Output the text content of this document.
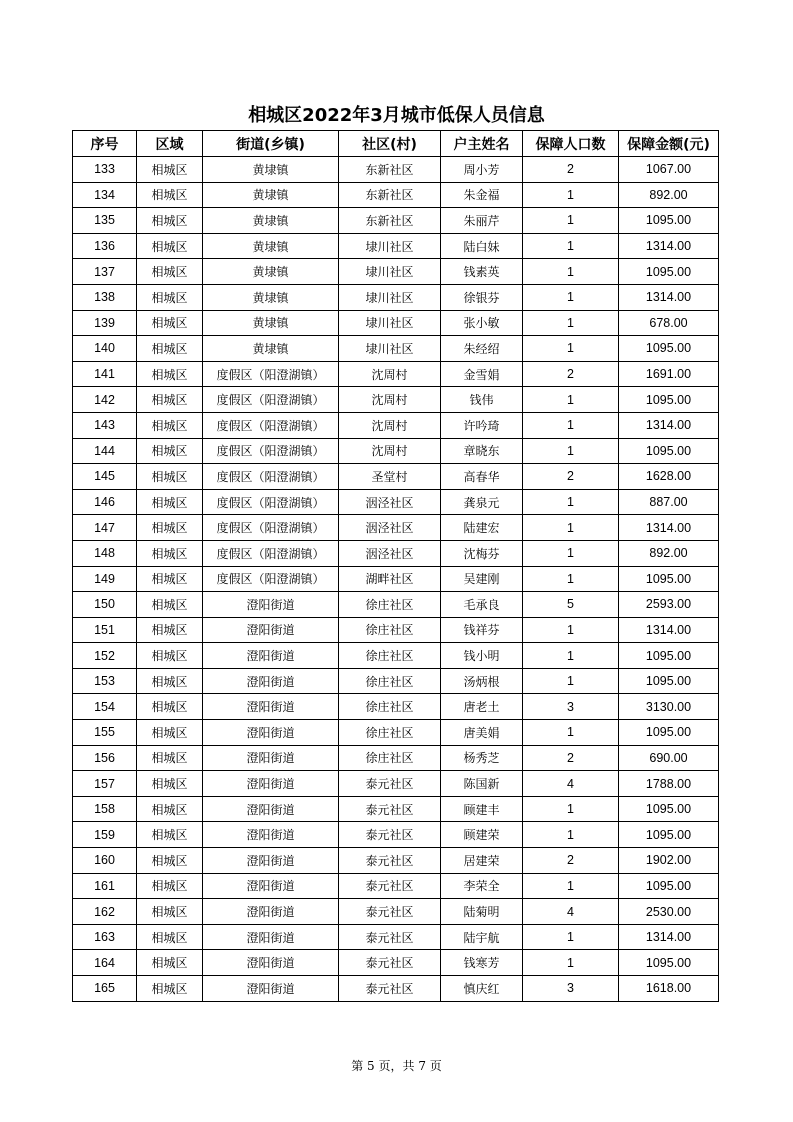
相城区2022年3月城市低保人员信息
序号	区域	街道(乡镇)	社区(村)	户主姓名	保障人口数	保障金额(元)
133	相城区	黄埭镇	东新社区	周小芳	2	1067.00
134	相城区	黄埭镇	东新社区	朱金福	1	892.00
135	相城区	黄埭镇	东新社区	朱丽芹	1	1095.00
136	相城区	黄埭镇	埭川社区	陆白妹	1	1314.00
137	相城区	黄埭镇	埭川社区	钱素英	1	1095.00
138	相城区	黄埭镇	埭川社区	徐银芬	1	1314.00
139	相城区	黄埭镇	埭川社区	张小敏	1	678.00
140	相城区	黄埭镇	埭川社区	朱经绍	1	1095.00
141	相城区	度假区（阳澄湖镇）	沈周村	金雪娟	2	1691.00
142	相城区	度假区（阳澄湖镇）	沈周村	钱伟	1	1095.00
143	相城区	度假区（阳澄湖镇）	沈周村	许吟琦	1	1314.00
144	相城区	度假区（阳澄湖镇）	沈周村	章晓东	1	1095.00
145	相城区	度假区（阳澄湖镇）	圣堂村	高春华	2	1628.00
146	相城区	度假区（阳澄湖镇）	洇泾社区	龚泉元	1	887.00
147	相城区	度假区（阳澄湖镇）	洇泾社区	陆建宏	1	1314.00
148	相城区	度假区（阳澄湖镇）	洇泾社区	沈梅芬	1	892.00
149	相城区	度假区（阳澄湖镇）	湖畔社区	吴建刚	1	1095.00
150	相城区	澄阳街道	徐庄社区	毛承良	5	2593.00
151	相城区	澄阳街道	徐庄社区	钱祥芬	1	1314.00
152	相城区	澄阳街道	徐庄社区	钱小明	1	1095.00
153	相城区	澄阳街道	徐庄社区	汤炳根	1	1095.00
154	相城区	澄阳街道	徐庄社区	唐老土	3	3130.00
155	相城区	澄阳街道	徐庄社区	唐美娟	1	1095.00
156	相城区	澄阳街道	徐庄社区	杨秀芝	2	690.00
157	相城区	澄阳街道	泰元社区	陈国新	4	1788.00
158	相城区	澄阳街道	泰元社区	顾建丰	1	1095.00
159	相城区	澄阳街道	泰元社区	顾建荣	1	1095.00
160	相城区	澄阳街道	泰元社区	居建荣	2	1902.00
161	相城区	澄阳街道	泰元社区	李荣全	1	1095.00
162	相城区	澄阳街道	泰元社区	陆菊明	4	2530.00
163	相城区	澄阳街道	泰元社区	陆宇航	1	1314.00
164	相城区	澄阳街道	泰元社区	钱寒芳	1	1095.00
165	相城区	澄阳街道	泰元社区	慎庆红	3	1618.00
第 5 页，共 7 页
